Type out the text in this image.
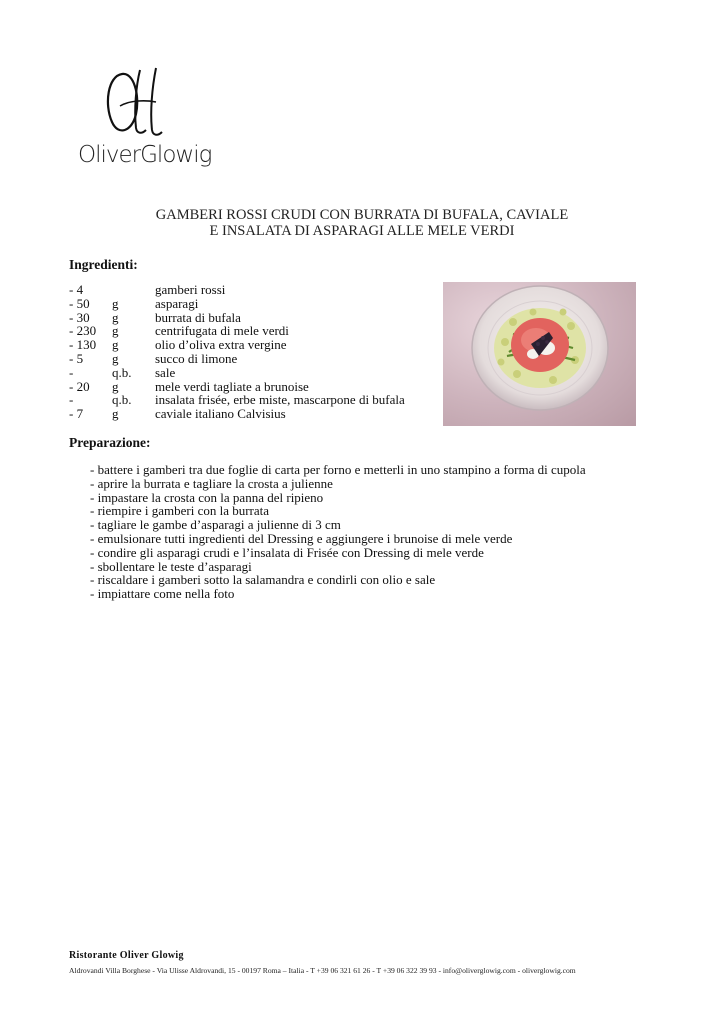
OliverGlowig
GAMBERI ROSSI CRUDI CON BURRATA DI BUFALA, CAVIALE
E INSALATA DI ASPARAGI ALLE MELE VERDI
Ingredienti:
- 4	gamberi rossi
- 50 g	asparagi
- 30 g	burrata di bufala
- 230 g	centrifugata di mele verdi
- 130 g	olio d’oliva extra vergine
- 5 g	succo di limone
-	q.b. sale
- 20 g	mele verdi tagliate a brunoise
-	q.b. insalata frisée, erbe miste, mascarpone di bufala
- 7 g	caviale italiano Calvisius
Preparazione:
- battere i gamberi tra due foglie di carta per forno e metterli in uno stampino a forma di cupola
- aprire la burrata e tagliare la crosta a julienne
- impastare la crosta con la panna del ripieno
- riempire i gamberi con la burrata
- tagliare le gambe d’asparagi a julienne di 3 cm
- emulsionare tutti ingredienti del Dressing e aggiungere i brunoise di mele verde
- condire gli asparagi crudi e l’insalata di Frisée con Dressing di mele verde
- sbollentare le teste d’asparagi
- riscaldare i gamberi sotto la salamandra e condirli con olio e sale
- impiattare come nella foto
Ristorante Oliver Glowig
Aldrovandi Villa Borghese - Via Ulisse Aldrovandi, 15 - 00197 Roma – Italia - T +39 06 321 61 26 - T +39 06 322 39 93 - info@oliverglowig.com - oliverglowig.com
